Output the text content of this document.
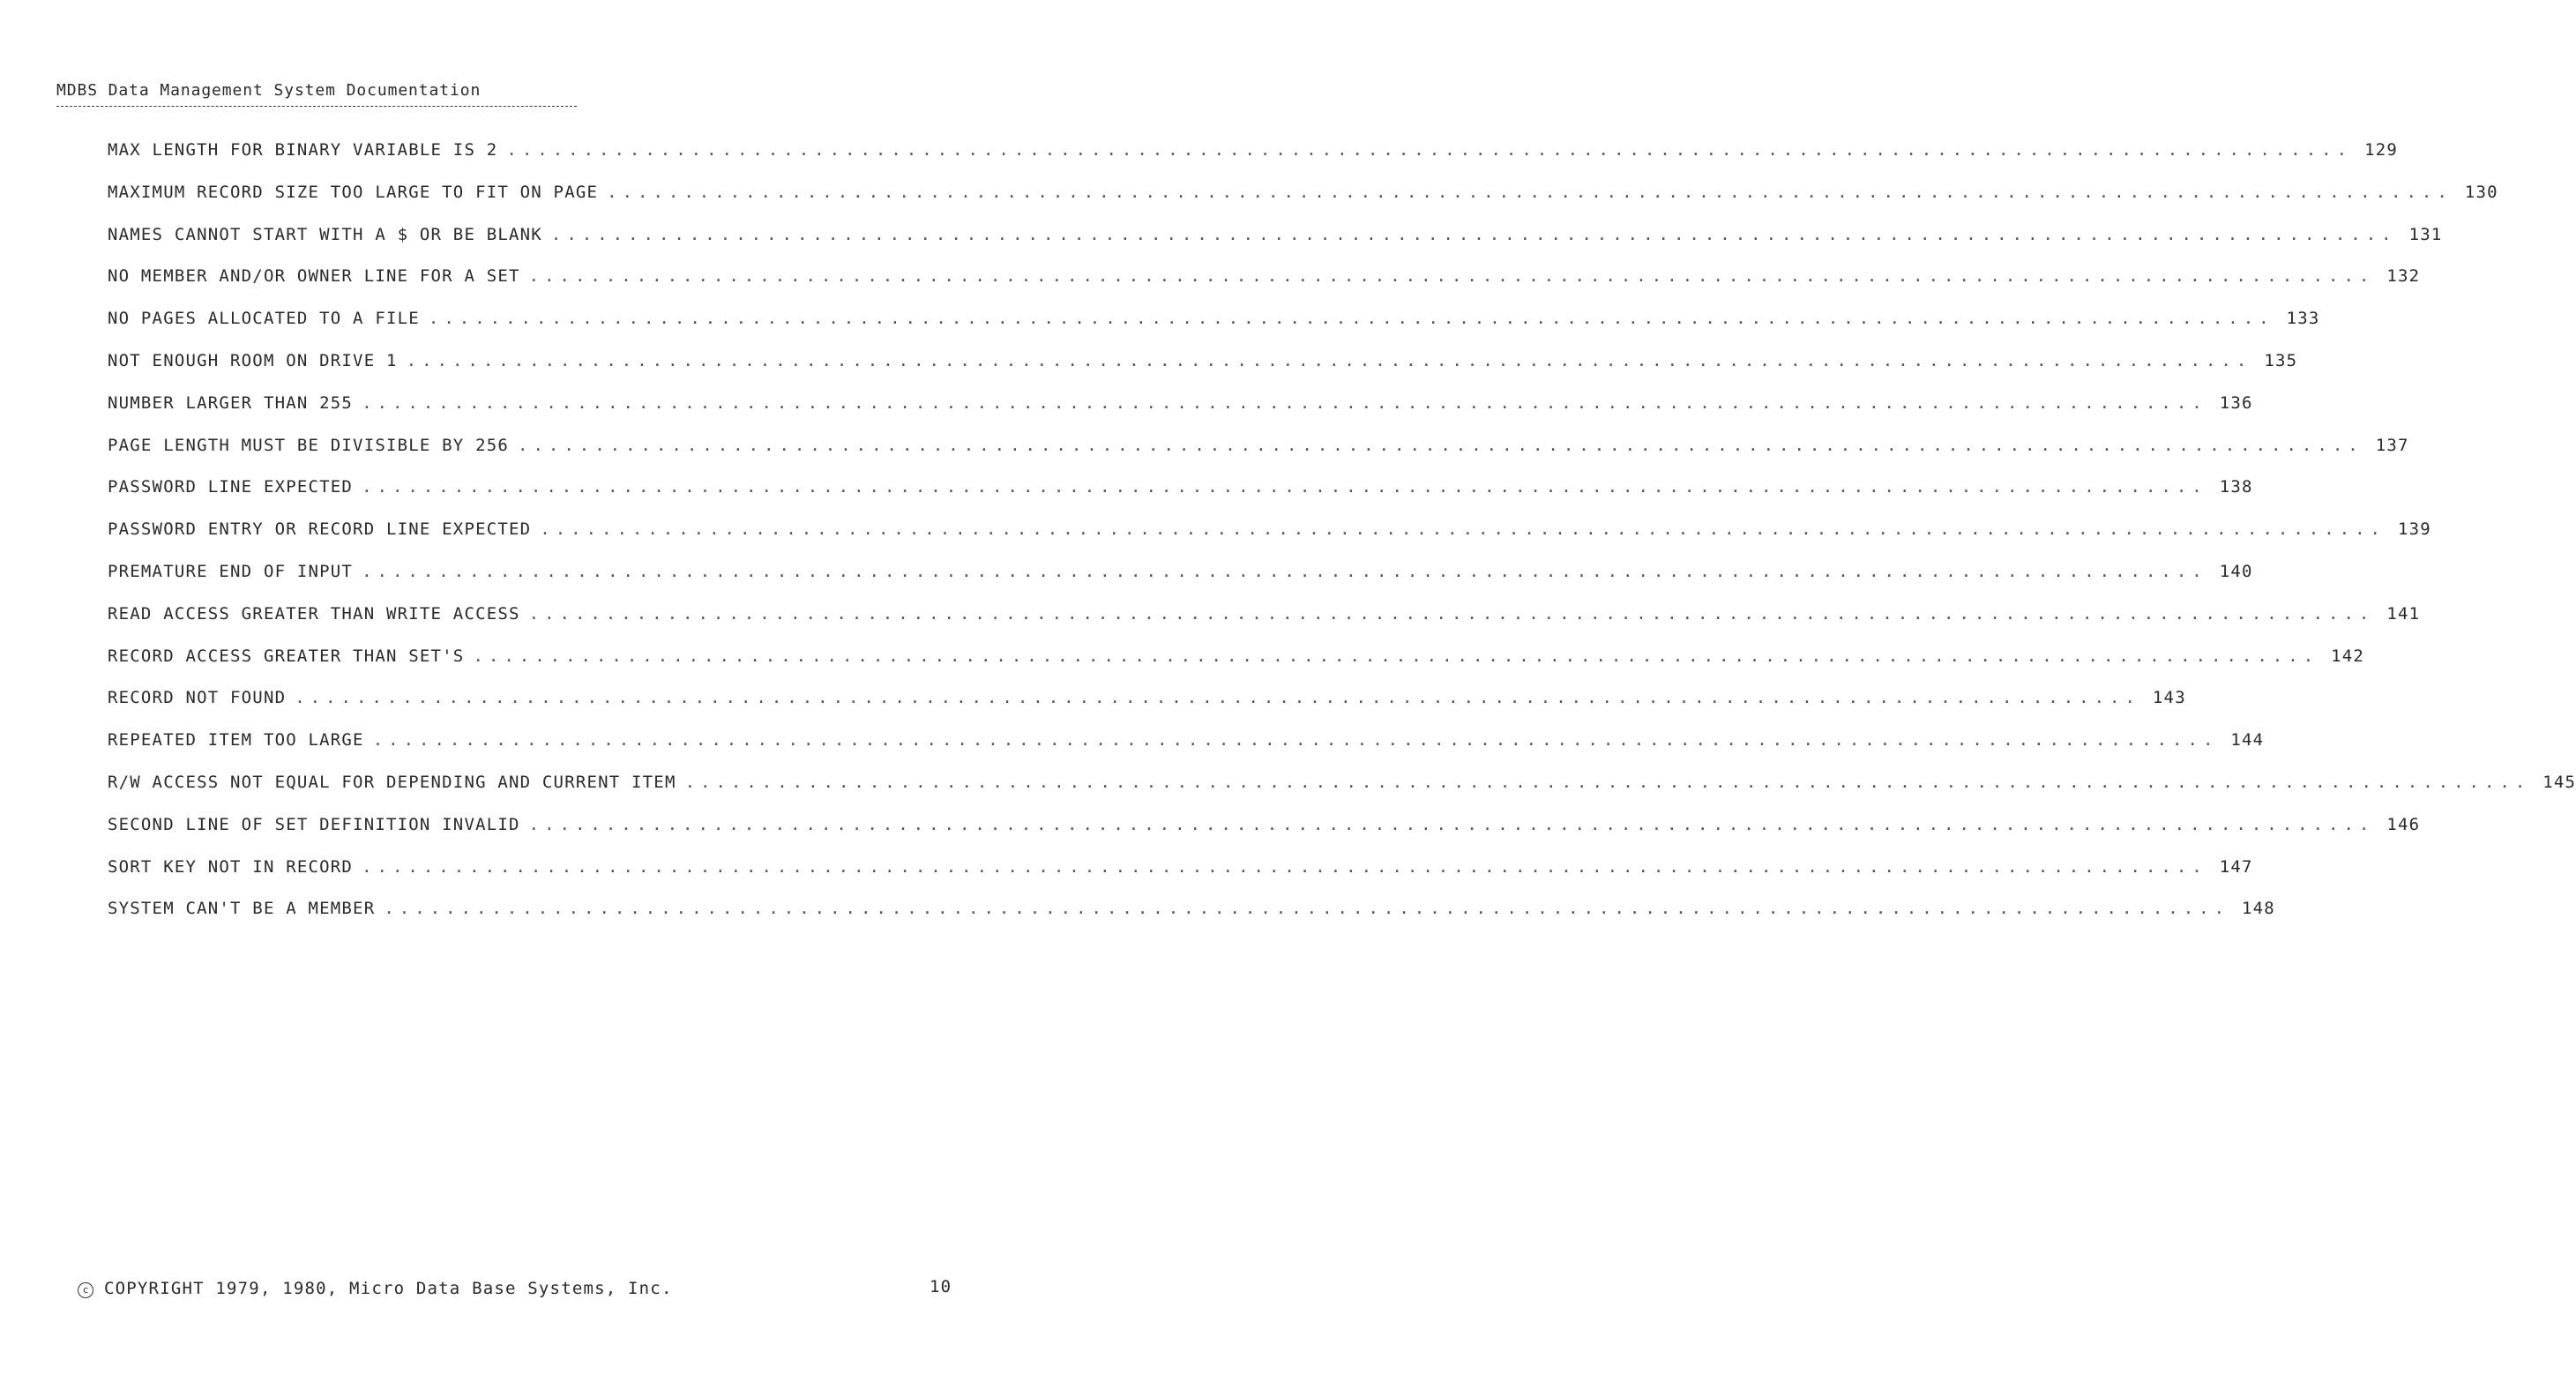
MDBS Data Management System Documentation
MAX LENGTH FOR BINARY VARIABLE IS 2 ........................................................................................................................ 129
MAXIMUM RECORD SIZE TOO LARGE TO FIT ON PAGE ........................................................................................................................ 130
NAMES CANNOT START WITH A $ OR BE BLANK ........................................................................................................................ 131
NO MEMBER AND/OR OWNER LINE FOR A SET ........................................................................................................................ 132
NO PAGES ALLOCATED TO A FILE ........................................................................................................................ 133
NOT ENOUGH ROOM ON DRIVE 1 ........................................................................................................................ 135
NUMBER LARGER THAN 255 ........................................................................................................................ 136
PAGE LENGTH MUST BE DIVISIBLE BY 256 ........................................................................................................................ 137
PASSWORD LINE EXPECTED ........................................................................................................................ 138
PASSWORD ENTRY OR RECORD LINE EXPECTED ........................................................................................................................ 139
PREMATURE END OF INPUT ........................................................................................................................ 140
READ ACCESS GREATER THAN WRITE ACCESS ........................................................................................................................ 141
RECORD ACCESS GREATER THAN SET'S ........................................................................................................................ 142
RECORD NOT FOUND ........................................................................................................................ 143
REPEATED ITEM TOO LARGE ........................................................................................................................ 144
R/W ACCESS NOT EQUAL FOR DEPENDING AND CURRENT ITEM ........................................................................................................................ 145
SECOND LINE OF SET DEFINITION INVALID ........................................................................................................................ 146
SORT KEY NOT IN RECORD ........................................................................................................................ 147
SYSTEM CAN'T BE A MEMBER ........................................................................................................................ 148
c COPYRIGHT 1979, 1980, Micro Data Base Systems, Inc.	10
